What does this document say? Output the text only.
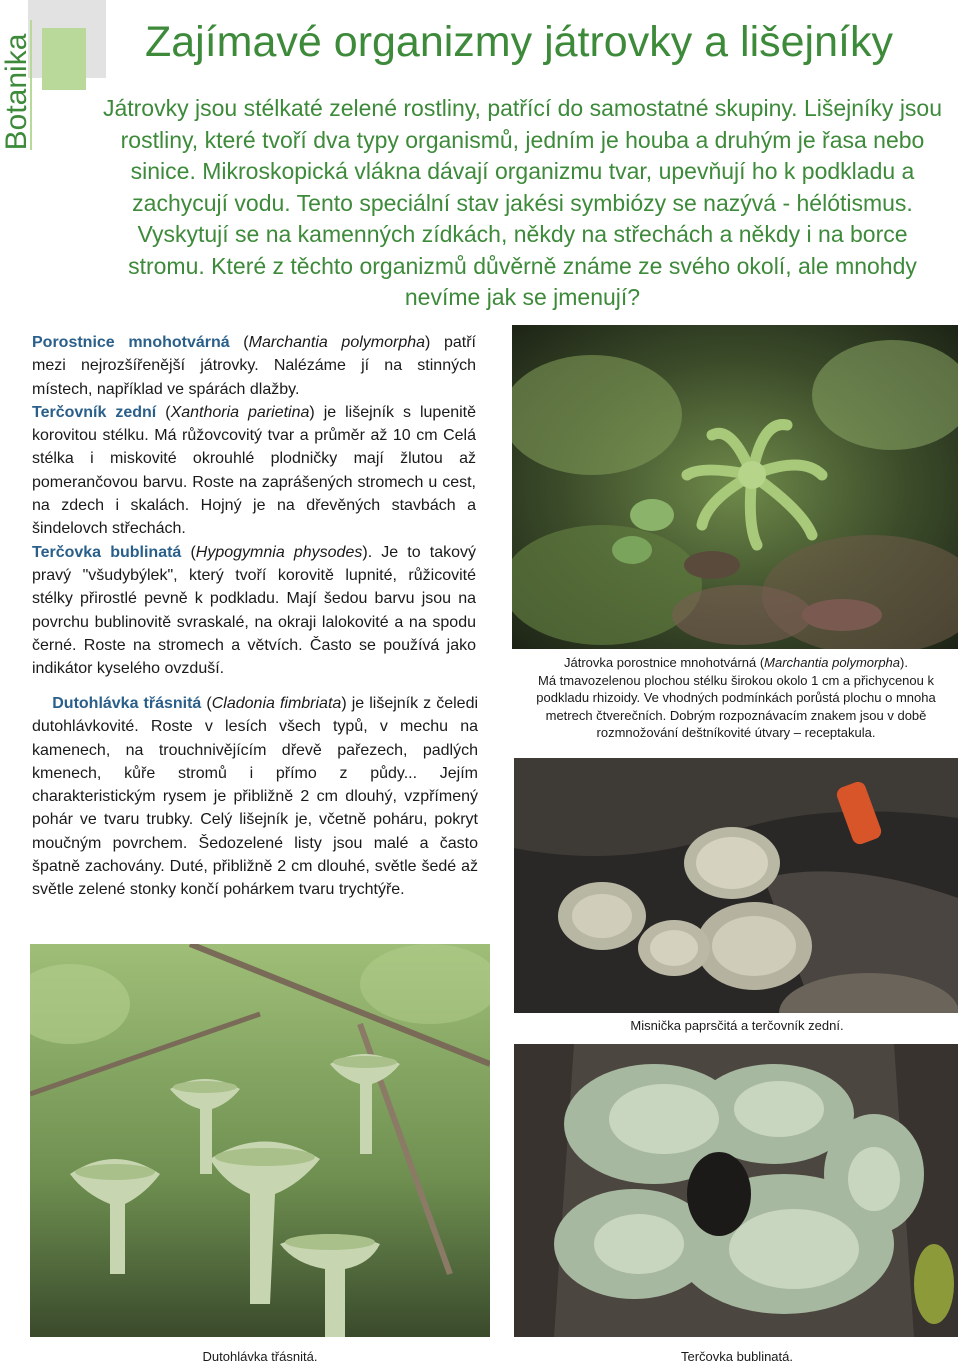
Botanika	Zajímavé organizmy játrovky a lišejníky

Játrovky jsou stélkaté zelené rostliny, patřící do samostatné skupiny. Lišejníky jsou rostliny, které tvoří dva typy organismů, jedním je houba a druhým je řasa nebo sinice. Mikroskopická vlákna dávají organizmu tvar, upevňují ho k podkladu a zachycují vodu. Tento speciální stav jakési symbiózy se nazývá - hélótismus. Vyskytují se na kamenných zídkách, někdy na střechách a někdy i na borce stromu. Které z těchto organizmů důvěrně známe ze svého okolí, ale mnohdy nevíme jak se jmenují?

Porostnice mnohotvárná (Marchantia polymorpha) patří mezi nejrozšířenější játrovky. Nalézáme jí na stinných místech, například ve spárách dlažby.

Terčovník zední (Xanthoria parietina) je lišejník s lupenitě korovitou stélku. Má růžovcovitý tvar a průměr až 10 cm Celá stélka i miskovité okrouhlé plodničky mají žlutou až pomerančovou barvu. Roste na zaprášených stromech u cest, na zdech i skalách. Hojný je na dřevěných stavbách a šindelovch střechách.

Terčovka bublinatá (Hypogymnia physodes). Je to takový pravý "všudybýlek", který tvoří korovitě lupnité, růžicovité stélky přirostlé pevně k podkladu. Mají šedou barvu jsou na povrchu bublinovitě svraskalé, na okraji lalokovité a na spodu černé. Roste na stromech a větvích. Často se používá jako indikátor kyselého ovzduší.

Dutohlávka třásnitá (Cladonia fimbriata) je lišejník z čeledi dutohlávkovité. Roste v lesích všech typů, v mechu na kamenech, na trouchnivějícím dřevě pařezech, padlých kmenech, kůře stromů i přímo z půdy... Jejím charakteristickým rysem je přibližně 2 cm dlouhý, vzpřímený pohár ve tvaru trubky. Celý lišejník je, včetně poháru, pokryt moučným povrchem. Šedozelené listy jsou malé a často špatně zachovány. Duté, přibližně 2 cm dlouhé, světle šedé až světle zelené stonky končí pohárkem tvaru trychtýře.

Játrovka porostnice mnohotvárná (Marchantia polymorpha).
Má tmavozelenou plochou stélku širokou okolo 1 cm a přichycenou k podkladu rhizoidy. Ve vhodných podmínkách porůstá plochu o mnoha metrech čtverečních. Dobrým rozpoznávacím znakem jsou v době rozmnožování deštníkovité útvary – receptakula.
Misnička paprsčitá a terčovník zední.
Dutohlávka třásnitá.	Terčovka bublinatá.
